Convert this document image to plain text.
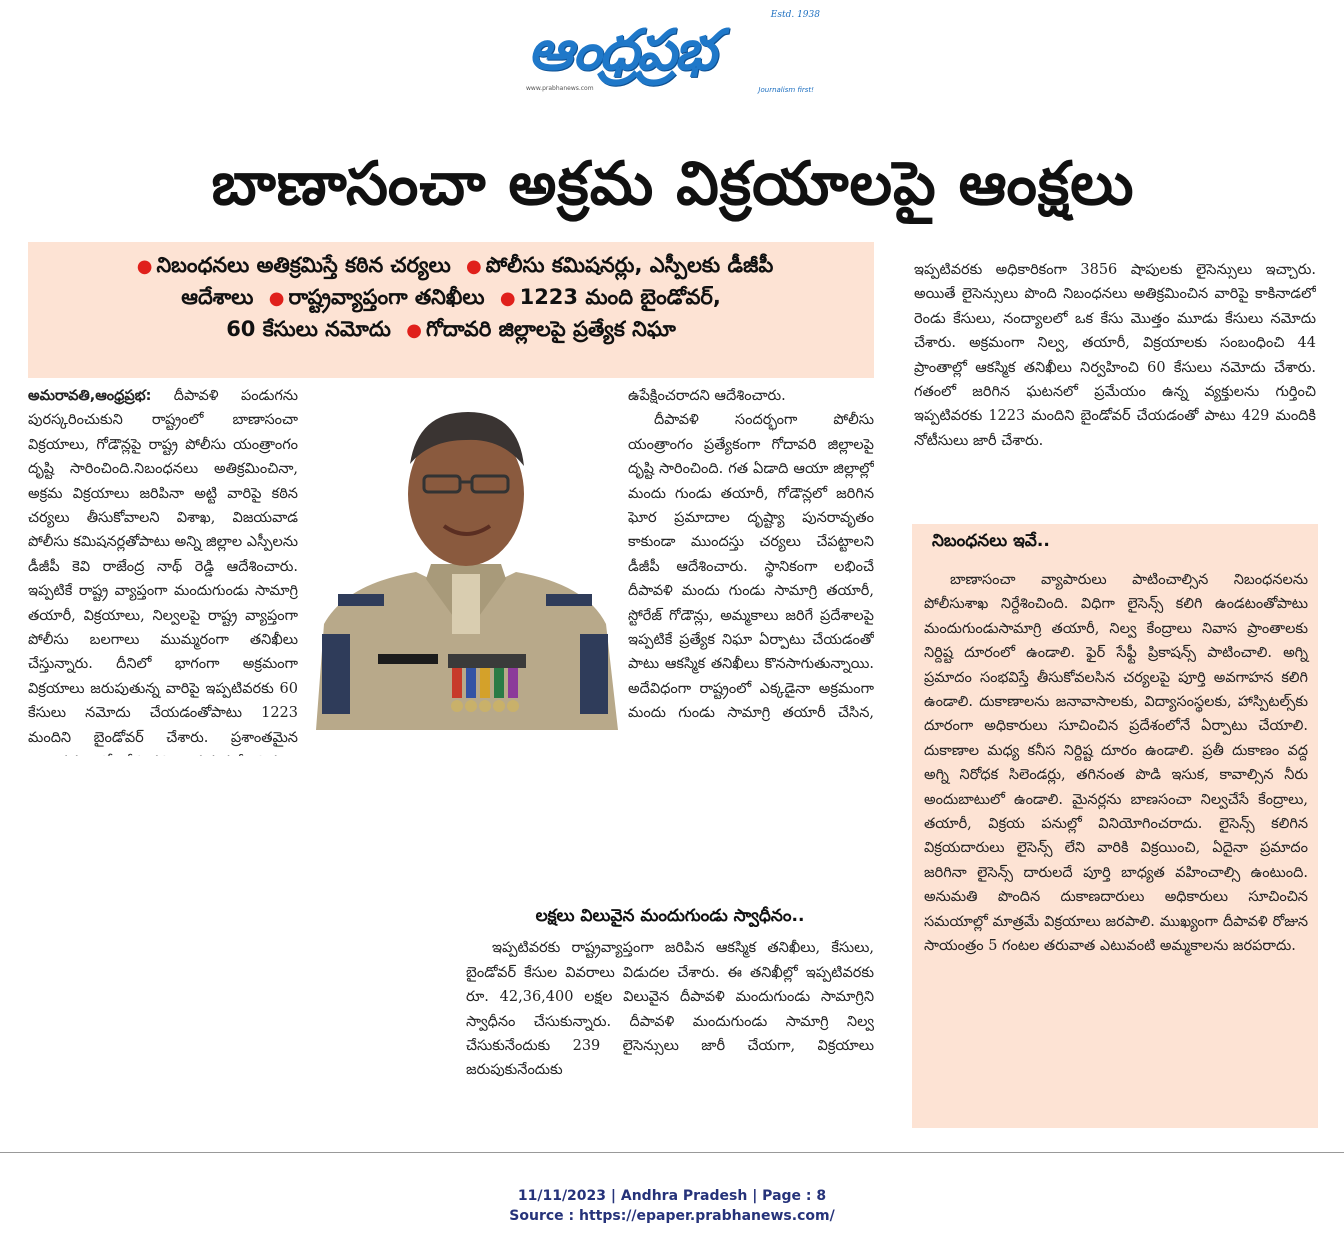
Estd. 1938
ఆంధ్రప్రభ
www.prabhanews.com	Journalism first!
బాణాసంచా అక్రమ విక్రయాలపై ఆంక్షలు
● నిబంధనలు అతిక్రమిస్తే కఠిన చర్యలు ● పోలీసు కమిషనర్లు, ఎస్పీలకు డీజీపీ
ఆదేశాలు ● రాష్ట్రవ్యాప్తంగా తనిఖీలు ● 1223 మంది బైండోవర్,
60 కేసులు నమోదు ● గోదావరి జిల్లాలపై ప్రత్యేక నిఘా

అమరావతి,ఆంధ్రప్రభ: దీపావళి పండుగను పురస్కరించుకుని రాష్ట్రంలో బాణాసంచా విక్రయాలు, గోడౌన్లపై రాష్ట్ర పోలీసు యంత్రాంగం దృష్టి సారించింది.నిబంధనలు అతిక్రమించినా, అక్రమ విక్రయాలు జరిపినా అట్టి వారిపై కఠిన చర్యలు తీసుకోవాలని విశాఖ, విజయవాడ పోలీసు కమిషనర్లతోపాటు అన్ని జిల్లాల ఎస్పీలను డీజీపీ కెవి రాజేంద్ర నాథ్ రెడ్డి ఆదేశించారు. ఇప్పటికే రాష్ట్ర వ్యాప్తంగా మందుగుండు సామాగ్రి తయారీ, విక్రయాలు, నిల్వలపై రాష్ట్ర వ్యాప్తంగా పోలీసు బలగాలు ముమ్మరంగా తనిఖీలు చేస్తున్నారు. దీనిలో భాగంగా అక్రమంగా విక్రయాలు జరుపుతున్న వారిపై ఇప్పటివరకు 60 కేసులు నమోదు చేయడంతోపాటు 1223 మందిని బైండోవర్ చేశారు. ప్రశాంతమైన

ఉపేక్షించరాదని ఆదేశించారు.

దీపావళి సందర్భంగా పోలీసు యంత్రాంగం ప్రత్యేకంగా గోదావరి జిల్లాలపై దృష్టి సారించింది. గత ఏడాది ఆయా జిల్లాల్లో మందు గుండు తయారీ, గోడౌన్లలో జరిగిన ఘోర ప్రమాదాల దృష్ట్యా పునరావృతం కాకుండా ముందస్తు చర్యలు చేపట్టాలని డీజీపీ ఆదేశించారు. స్థానికంగా లభించే దీపావళి మందు గుండు సామాగ్రి తయారీ, స్టోరేజ్ గోడౌన్లు, అమ్మకాలు జరిగే ప్రదేశాలపై ఇప్పటికే ప్రత్యేక నిఘా ఏర్పాటు చేయడంతో పాటు ఆకస్మిక తనిఖీలు కొనసాగుతున్నాయి. అదేవిధంగా రాష్ట్రంలో ఎక్కడైనా అక్రమంగా మందు గుండు సామాగ్రి తయారీ చేసిన,

లక్షలు విలువైన మందుగుండు స్వాధీనం..

ఇప్పటివరకు రాష్ట్రవ్యాప్తంగా జరిపిన ఆకస్మిక తనిఖీలు, కేసులు, బైండోవర్ కేసుల వివరాలు విడుదల చేశారు. ఈ తనిఖీల్లో ఇప్పటివరకు రూ. 42,36,400 లక్షల విలువైన దీపావళి మందుగుండు సామాగ్రిని స్వాధీనం చేసుకున్నారు. దీపావళి మందుగుండు సామాగ్రి నిల్వ చేసుకునేందుకు 239 లైసెన్సులు జారీ చేయగా, విక్రయాలు జరుపుకునేందుకు

ఇప్పటివరకు అధికారికంగా 3856 షాపులకు లైసెన్సులు ఇచ్చారు. అయితే లైసెన్సులు పొంది నిబంధనలు అతిక్రమించిన వారిపై కాకినాడలో రెండు కేసులు, నంద్యాలలో ఒక కేసు మొత్తం మూడు కేసులు నమోదు చేశారు. అక్రమంగా నిల్వ, తయారీ, విక్రయాలకు సంబంధించి 44 ప్రాంతాల్లో ఆకస్మిక తనిఖీలు నిర్వహించి 60 కేసులు నమోదు చేశారు. గతంలో జరిగిన ఘటనలో ప్రమేయం ఉన్న వ్యక్తులను గుర్తించి ఇప్పటివరకు 1223 మందిని బైండోవర్ చేయడంతో పాటు 429 మందికి నోటీసులు జారీ చేశారు.

నిబంధనలు ఇవే..

బాణాసంచా వ్యాపారులు పాటించాల్సిన నిబంధనలను పోలీసుశాఖ నిర్దేశించింది. విధిగా లైసెన్స్ కలిగి ఉండటంతోపాటు మందుగుండుసామాగ్రి తయారీ, నిల్వ కేంద్రాలు నివాస ప్రాంతాలకు నిర్దిష్ట దూరంలో ఉండాలి. ఫైర్ సేఫ్టీ ప్రికాషన్స్ పాటించాలి. అగ్ని ప్రమాదం సంభవిస్తే తీసుకోవలసిన చర్యలపై పూర్తి అవగాహన కలిగి ఉండాలి. దుకాణాలను జనావాసాలకు, విద్యాసంస్థలకు, హాస్పిటల్స్‌కు దూరంగా అధికారులు సూచించిన ప్రదేశంలోనే ఏర్పాటు చేయాలి. దుకాణాల మధ్య కనీస నిర్దిష్ట దూరం ఉండాలి. ప్రతీ దుకాణం వద్ద అగ్ని నిరోధక సిలెండర్లు, తగినంత పొడి ఇసుక, కావాల్సిన నీరు అందుబాటులో ఉండాలి. మైనర్లను బాణసంచా నిల్వచేసే కేంద్రాలు, తయారీ, విక్రయ పనుల్లో వినియోగించరాదు. లైసెన్స్ కలిగిన విక్రయదారులు లైసెన్స్ లేని వారికి విక్రయించి, ఏదైనా ప్రమాదం జరిగినా లైసెన్స్ దారులదే పూర్తి బాధ్యత వహించాల్సి ఉంటుంది. అనుమతి పొందిన దుకాణదారులు అధికారులు సూచించిన సమయాల్లో మాత్రమే విక్రయాలు జరపాలి. ముఖ్యంగా దీపావళి రోజున సాయంత్రం 5 గంటల తరువాత ఎటువంటి అమ్మకాలను జరపరాదు.

11/11/2023 | Andhra Pradesh | Page : 8
Source : https://epaper.prabhanews.com/
